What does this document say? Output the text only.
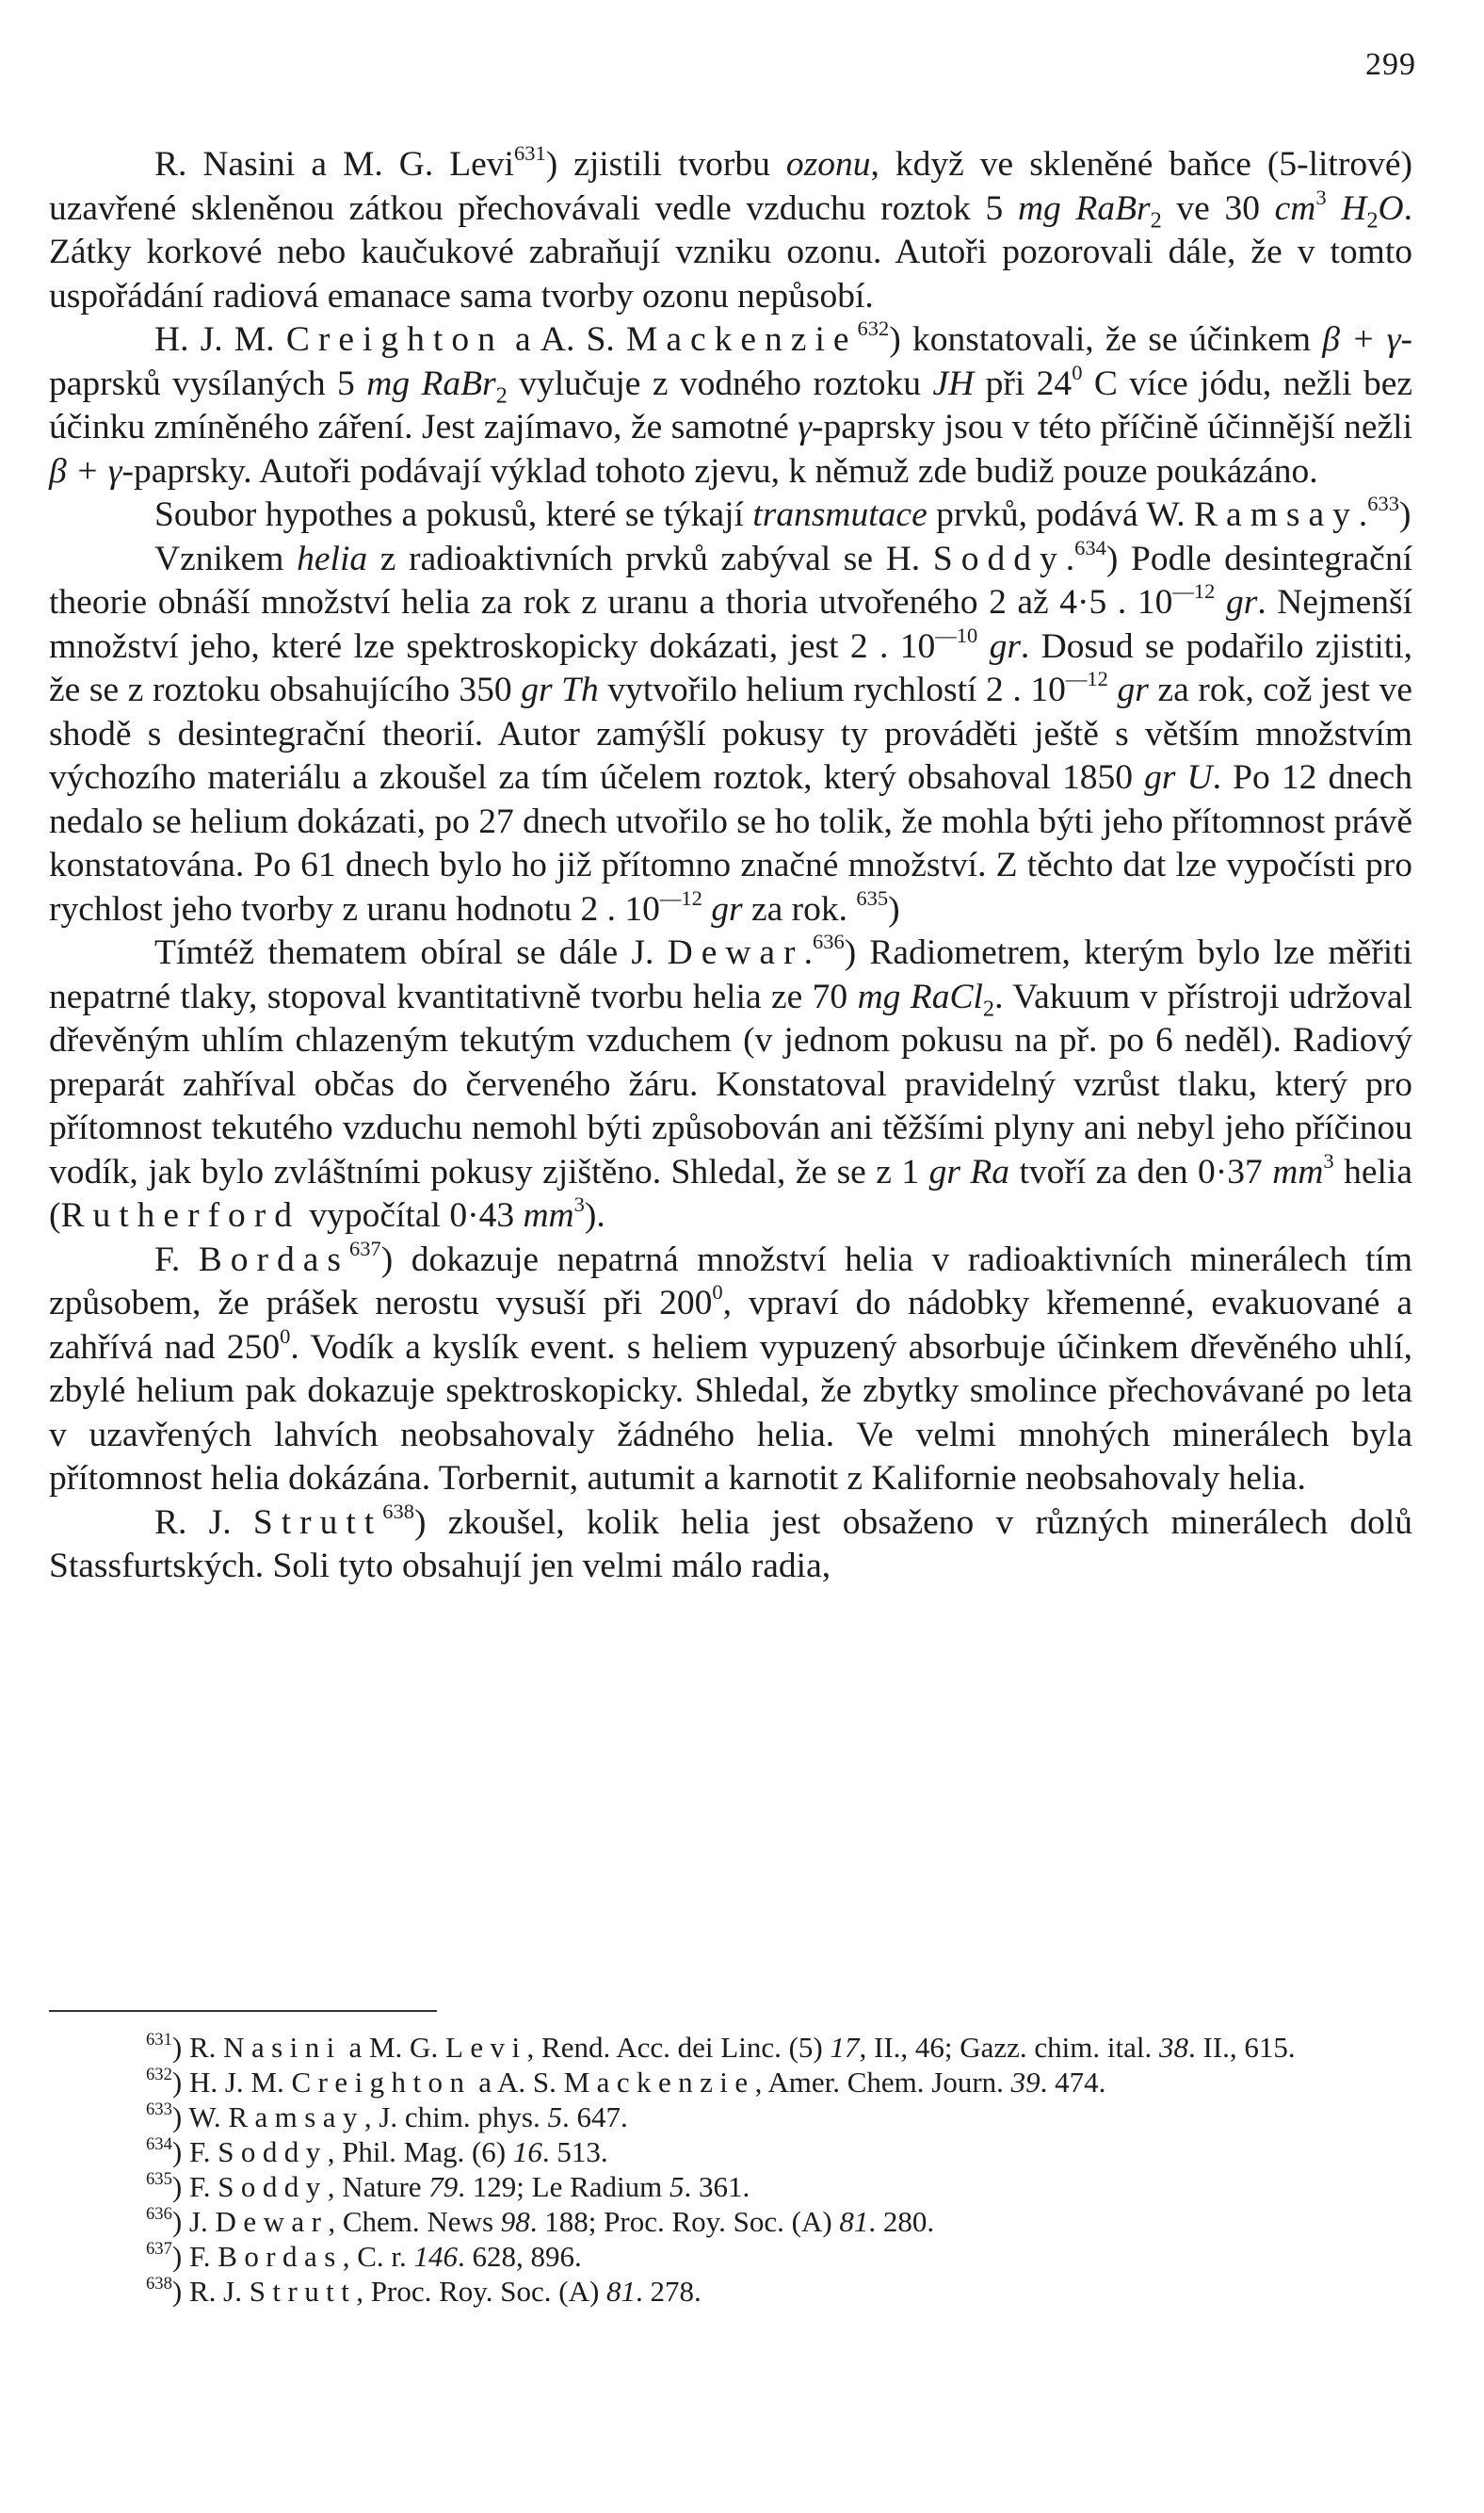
299

R. Nasini a M. G. Levi$^{631}$) zjistili tvorbu ozonu, když ve skleněné baňce (5-litrové) uzavřené skleněnou zátkou přechovávali vedle vzduchu roztok 5 mg RaBr$_2$ ve 30 $cm^3$ $H_2O$. Zátky korkové nebo kaučukové zabraňují vzniku ozonu. Autoři pozorovali dále, že v tomto uspořádání radiová emanace sama tvorby ozonu nepůsobí.

H. J. M. Creighton a A. S. Mackenzie$^{632}$) konstatovali, že se účinkem β + γ-paprsků vysílaných 5 mg RaBr$_2$ vylučuje z vodného roztoku JH při $24^0$ C více jódu, nežli bez účinku zmíněného záření. Jest zajímavo, že samotné γ-paprsky jsou v této příčině účinnější nežli β + γ-paprsky. Autoři podávají výklad tohoto zjevu, k němuž zde budiž pouze poukázáno.

Soubor hypothes a pokusů, které se týkají transmutace prvků, podává W. Ramsay.$^{633}$)

Vznikem helia z radioaktivních prvků zabýval se H. Soddy.$^{634}$) Podle desintegrační theorie obnáší množství helia za rok z uranu a thoria utvořeného 2 až 4·5 . $10^{—12}$ gr. Nejmenší množství jeho, které lze spektroskopicky dokázati, jest 2 . $10^{—10}$ gr. Dosud se podařilo zjistiti, že se z roztoku obsahujícího 350 gr Th vytvořilo helium rychlostí 2 . $10^{—12}$ gr za rok, což jest ve shodě s desintegrační theorií. Autor zamýšlí pokusy ty prováděti ještě s větším množstvím výchozího materiálu a zkoušel za tím účelem roztok, který obsahoval 1850 gr U. Po 12 dnech nedalo se helium dokázati, po 27 dnech utvořilo se ho tolik, že mohla býti jeho přítomnost právě konstatována. Po 61 dnech bylo ho již přítomno značné množství. Z těchto dat lze vypočísti pro rychlost jeho tvorby z uranu hodnotu 2 . $10^{—12}$ gr za rok. $^{635}$)

Tímtéž thematem obíral se dále J. Dewar.$^{636}$) Radiometrem, kterým bylo lze měřiti nepatrné tlaky, stopoval kvantitativně tvorbu helia ze 70 mg RaCl$_2$. Vakuum v přístroji udržoval dřevěným uhlím chlazeným tekutým vzduchem (v jednom pokusu na př. po 6 neděl). Radiový preparát zahříval občas do červeného žáru. Konstatoval pravidelný vzrůst tlaku, který pro přítomnost tekutého vzduchu nemohl býti způsobován ani těžšími plyny ani nebyl jeho příčinou vodík, jak bylo zvláštními pokusy zjištěno. Shledal, že se z 1 gr Ra tvoří za den 0·37 $mm^3$ helia (Rutherford vypočítal 0·43 $mm^3$).

F. Bordas$^{637}$) dokazuje nepatrná množství helia v radioaktivních minerálech tím způsobem, že prášek nerostu vysuší při $200^0$, vpraví do nádobky křemenné, evakuované a zahřívá nad $250^0$. Vodík a kyslík event. s heliem vypuzený absorbuje účinkem dřevěného uhlí, zbylé helium pak dokazuje spektroskopicky. Shledal, že zbytky smolince přechovávané po leta v uzavřených lahvích neobsahovaly žádného helia. Ve velmi mnohých minerálech byla přítomnost helia dokázána. Torbernit, autumit a karnotit z Kalifornie neobsahovaly helia.

R. J. Strutt$^{638}$) zkoušel, kolik helia jest obsaženo v různých minerálech dolů Stassfurtských. Soli tyto obsahují jen velmi málo radia,

$^{631}$) R. Nasini a M. G. Levi, Rend. Acc. dei Linc. (5) 17, II., 46; Gazz. chim. ital. 38. II., 615.

$^{632}$) H. J. M. Creighton a A. S. Mackenzie, Amer. Chem. Journ. 39. 474.

$^{633}$) W. Ramsay, J. chim. phys. 5. 647.

$^{634}$) F. Soddy, Phil. Mag. (6) 16. 513.

$^{635}$) F. Soddy, Nature 79. 129; Le Radium 5. 361.

$^{636}$) J. Dewar, Chem. News 98. 188; Proc. Roy. Soc. (A) 81. 280.

$^{637}$) F. Bordas, C. r. 146. 628, 896.

$^{638}$) R. J. Strutt, Proc. Roy. Soc. (A) 81. 278.
